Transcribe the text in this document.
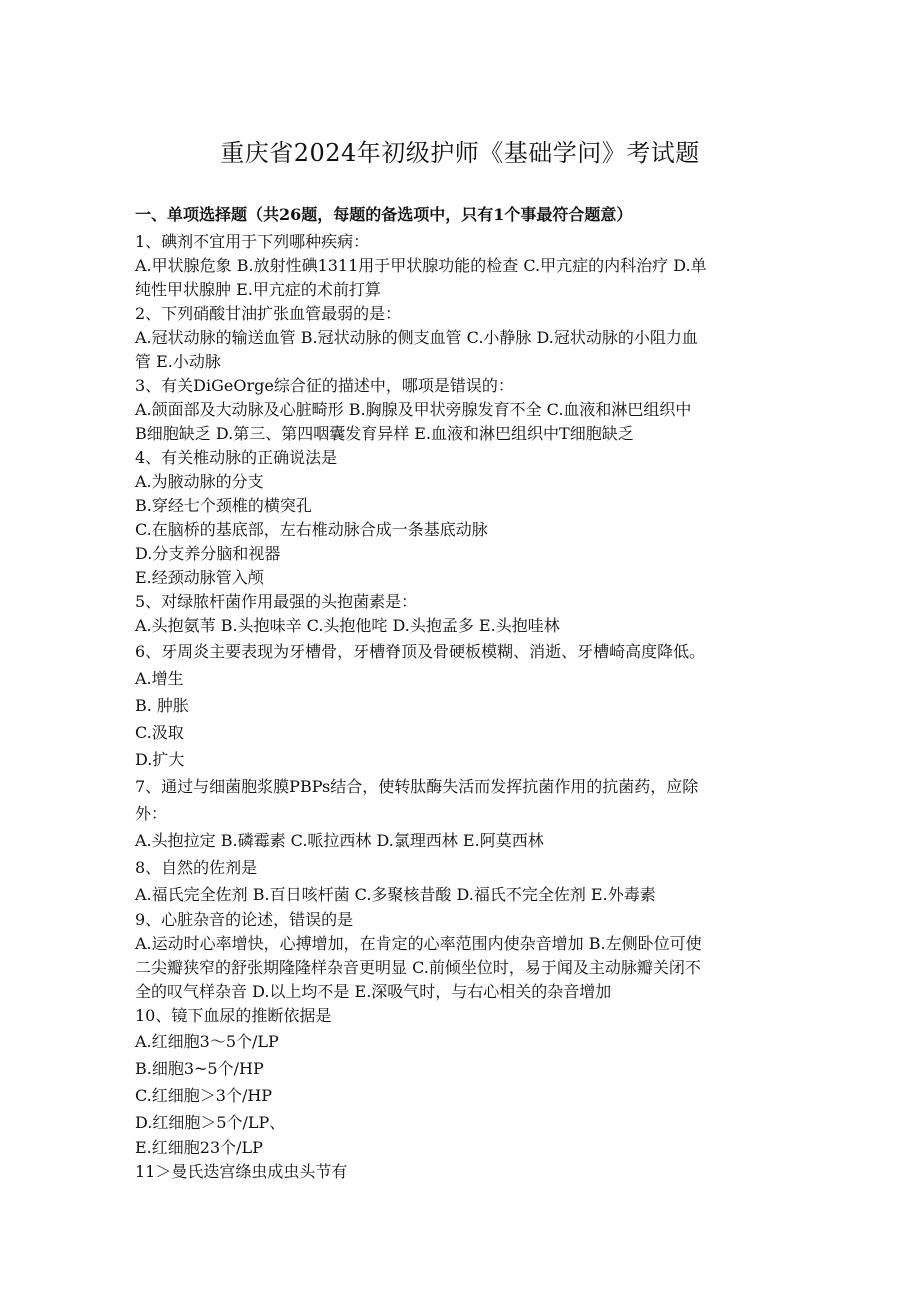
重庆省2024年初级护师《基础学问》考试题
一、单项选择题（共26题，每题的备选项中，只有1个事最符合题意）
1、碘剂不宜用于下列哪种疾病：
A.甲状腺危象 B.放射性碘1311用于甲状腺功能的检查 C.甲亢症的内科治疗 D.单
纯性甲状腺肿 E.甲亢症的术前打算
2、下列硝酸甘油扩张血管最弱的是：
A.冠状动脉的输送血管 B.冠状动脉的侧支血管 C.小静脉 D.冠状动脉的小阻力血
管 E.小动脉
3、有关DiGeOrge综合征的描述中，哪项是错误的：
A.颌面部及大动脉及心脏畸形 B.胸腺及甲状旁腺发育不全 C.血液和淋巴组织中
B细胞缺乏 D.第三、第四咽囊发育异样 E.血液和淋巴组织中T细胞缺乏
4、有关椎动脉的正确说法是
A.为腋动脉的分支
B.穿经七个颈椎的横突孔
C.在脑桥的基底部，左右椎动脉合成一条基底动脉
D.分支养分脑和视器
E.经颈动脉管入颅
5、对绿脓杆菌作用最强的头抱菌素是：
A.头抱氨苇 B.头抱味辛 C.头抱他咤 D.头抱孟多 E.头抱哇林
6、牙周炎主要表现为牙槽骨，牙槽脊顶及骨硬板模糊、消逝、牙槽崎高度降低。
A.增生
B. 肿胀
C.汲取
D.扩大
7、通过与细菌胞浆膜PBPs结合，使转肽酶失活而发挥抗菌作用的抗菌药，应除
外：
A.头抱拉定 B.磷霉素 C.哌拉西林 D.氯理西林 E.阿莫西林
8、自然的佐剂是
A.福氏完全佐剂 B.百日咳杆菌 C.多聚核昔酸 D.福氏不完全佐剂 E.外毒素
9、心脏杂音的论述，错误的是
A.运动时心率增快，心搏增加，在肯定的心率范围内使杂音增加 B.左侧卧位可使
二尖瓣狭窄的舒张期隆隆样杂音更明显 C.前倾坐位时，易于闻及主动脉瓣关闭不
全的叹气样杂音 D.以上均不是 E.深吸气时，与右心相关的杂音增加
10、镜下血尿的推断依据是
A.红细胞3～5个/LP
B.细胞3~5个/HP
C.红细胞＞3个/HP
D.红细胞＞5个/LP、
E.红细胞23个/LP
11＞曼氏迭宫绦虫成虫头节有
